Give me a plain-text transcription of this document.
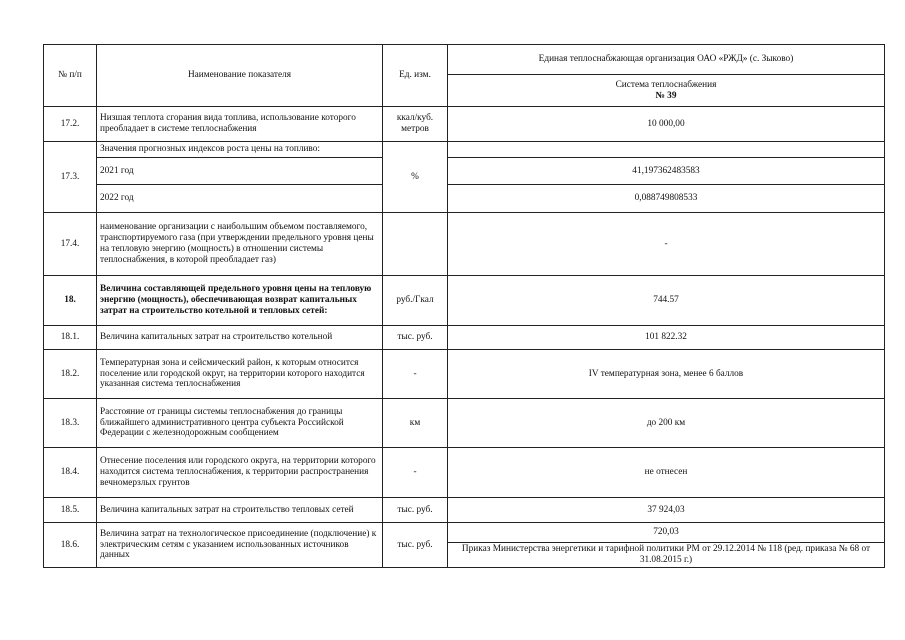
№ п/п	Наименование показателя	Ед. изм.	Единая теплоснабжающая организация ОАО «РЖД» (с. Зыково)

			Система теплоснабжения
№ 39

17.2.	Низшая теплота сгорания вида топлива, использование которого преобладает в системе теплоснабжения	ккал/куб. метров	10 000,00
17.3.	Значения прогнозных индексов роста цены на топливо:	%	
	2021 год		41,197362483583
	2022 год		0,088749808533
17.4.	наименование организации с наибольшим объемом поставляемого, транспортируемого газа (при утверждении предельного уровня цены на тепловую энергию (мощность) в отношении системы теплоснабжения, в которой преобладает газ)		-
18.	Величина составляющей предельного уровня цены на тепловую энергию (мощность), обеспечивающая возврат капитальных затрат на строительство котельной и тепловых сетей:	руб./Гкал	744.57
18.1.	Величина капитальных затрат на строительство котельной	тыс. руб.	101 822.32
18.2.	Температурная зона и сейсмический район, к которым относится поселение или городской округ, на территории которого находится указанная система теплоснабжения	-	IV температурная зона, менее 6 баллов
18.3.	Расстояние от границы системы теплоснабжения до границы ближайшего административного центра субъекта Российской Федерации с железнодорожным сообщением	км	до 200 км
18.4.	Отнесение поселения или городского округа, на территории которого находится система теплоснабжения, к территории распространения вечномерзлых грунтов	-	не отнесен
18.5.	Величина капитальных затрат на строительство тепловых сетей	тыс. руб.	37 924,03
18.6.	Величина затрат на технологическое присоединение (подключение) к электрическим сетям с указанием использованных источников данных	тыс. руб.	720,03
			Приказ Министерства энергетики и тарифной политики РМ от 29.12.2014 № 118 (ред. приказа № 68 от 31.08.2015 г.)
